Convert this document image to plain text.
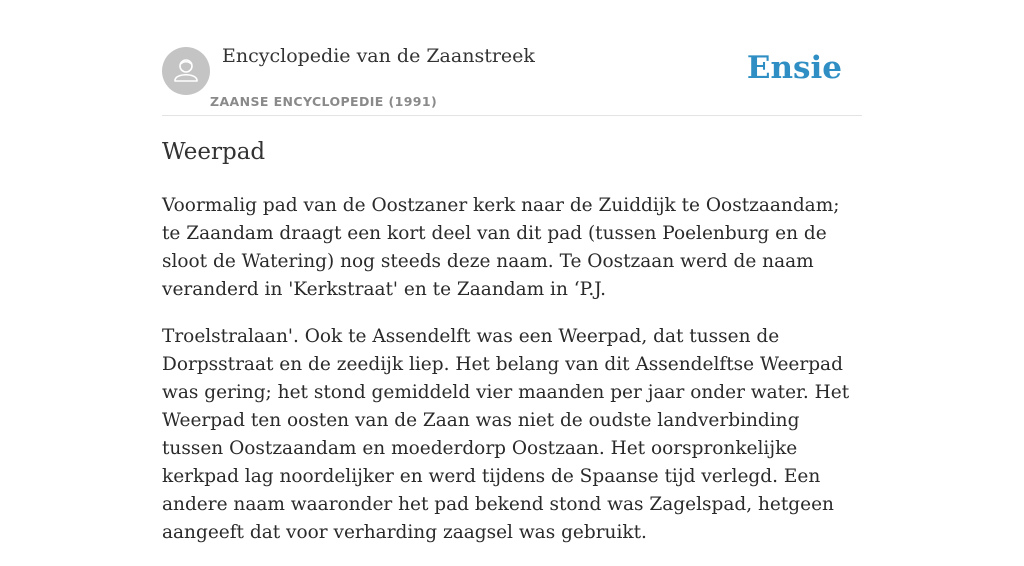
Encyclopedie van de Zaanstreek
ZAANSE ENCYCLOPEDIE (1991)
Ensie
Weerpad

Voormalig pad van de Oostzaner kerk naar de Zuiddijk te Oostzaandam; te Zaandam draagt een kort deel van dit pad (tussen Poelenburg en de sloot de Watering) nog steeds deze naam. Te Oostzaan werd de naam veranderd in 'Kerkstraat' en te Zaandam in ‘P.J.

Troelstralaan'. Ook te Assendelft was een Weerpad, dat tussen de Dorpsstraat en de zeedijk liep. Het belang van dit Assendelftse Weerpad was gering; het stond gemiddeld vier maanden per jaar onder water. Het Weerpad ten oosten van de Zaan was niet de oudste landverbinding tussen Oostzaandam en moederdorp Oostzaan. Het oorspronkelijke kerkpad lag noordelijker en werd tijdens de Spaanse tijd verlegd. Een andere naam waaronder het pad bekend stond was Zagelspad, hetgeen aangeeft dat voor verharding zaagsel was gebruikt.
